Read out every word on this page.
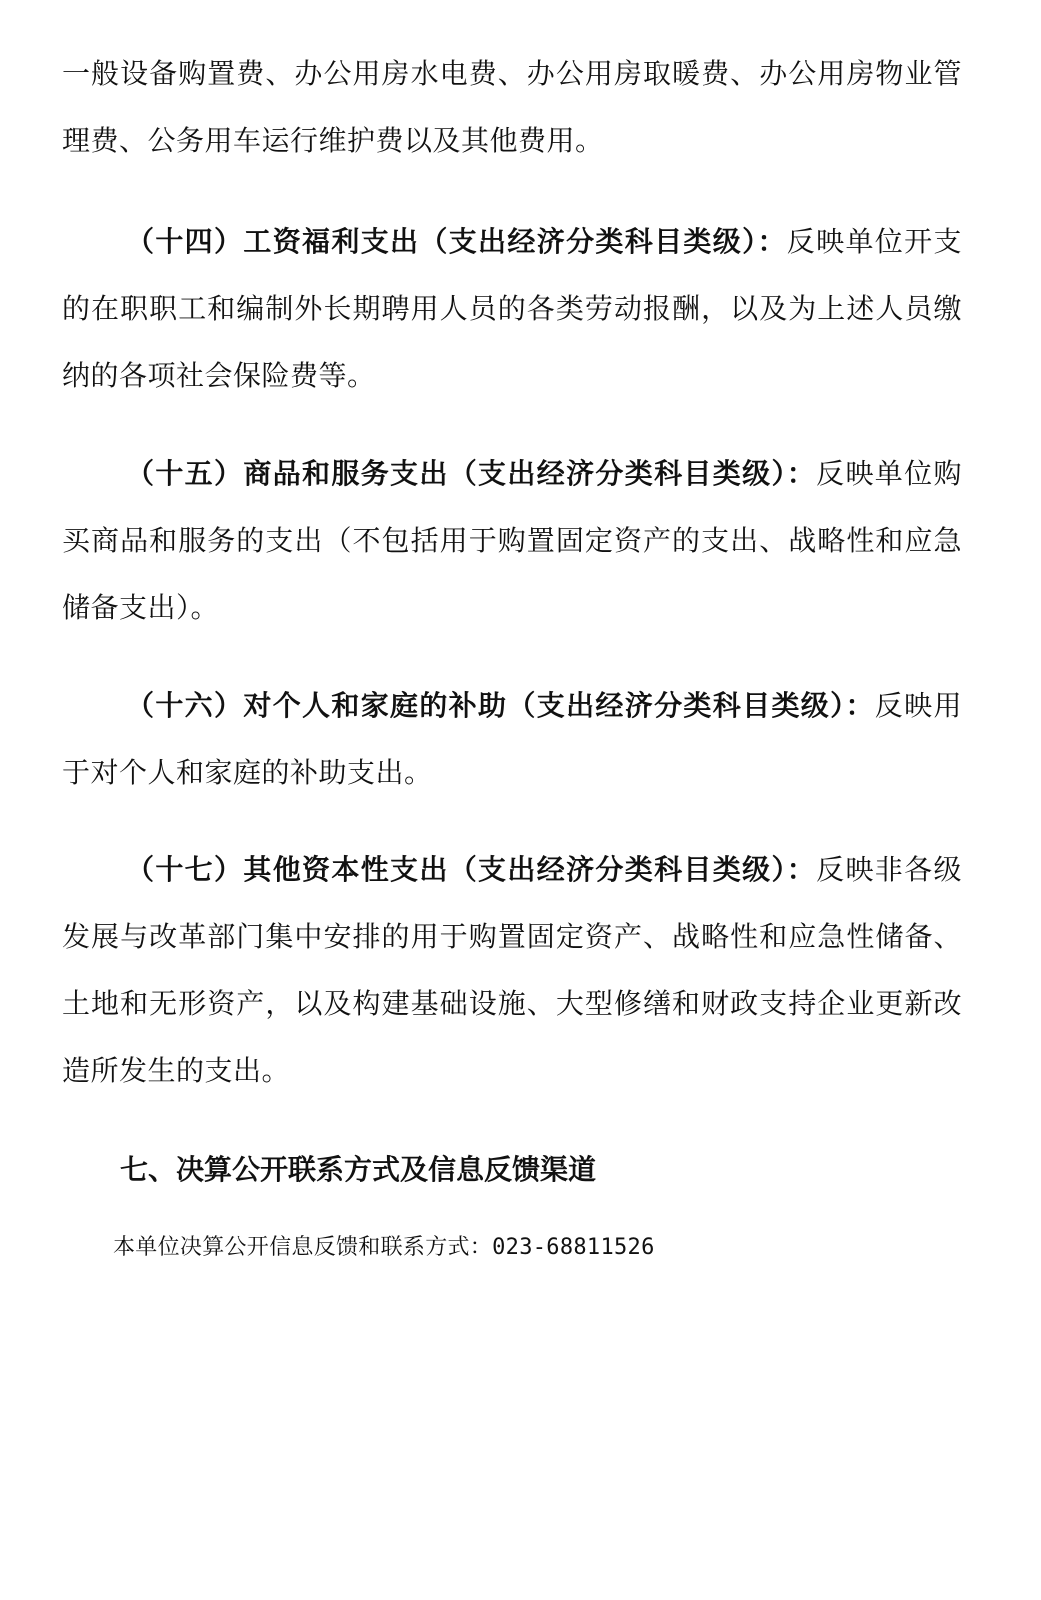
一般设备购置费、办公用房水电费、办公用房取暖费、办公用房物业管理费、公务用车运行维护费以及其他费用。

（十四）工资福利支出（支出经济分类科目类级）：反映单位开支的在职职工和编制外长期聘用人员的各类劳动报酬，以及为上述人员缴纳的各项社会保险费等。

（十五）商品和服务支出（支出经济分类科目类级）：反映单位购买商品和服务的支出（不包括用于购置固定资产的支出、战略性和应急储备支出）。

（十六）对个人和家庭的补助（支出经济分类科目类级）：反映用于对个人和家庭的补助支出。

（十七）其他资本性支出（支出经济分类科目类级）：反映非各级发展与改革部门集中安排的用于购置固定资产、战略性和应急性储备、土地和无形资产，以及构建基础设施、大型修缮和财政支持企业更新改造所发生的支出。

七、决算公开联系方式及信息反馈渠道

本单位决算公开信息反馈和联系方式：023-68811526
